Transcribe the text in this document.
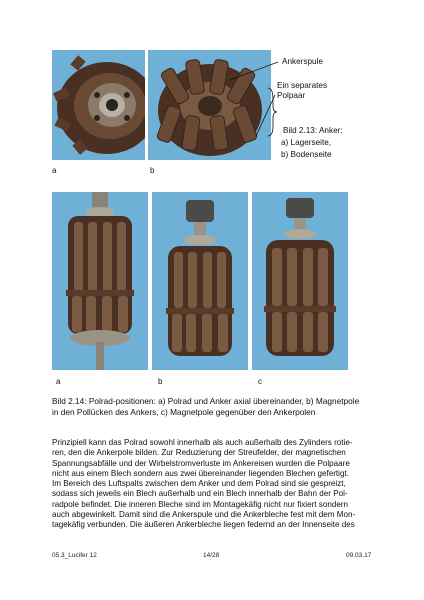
a	b
Ankerspule
Ein separates
Polpaar
Bild 2.13: Anker:
a) Lagerseite,
b) Bodenseite
a	b	c
Bild 2.14: Polrad-positionen: a) Polrad und Anker axial übereinander, b) Magnetpole
in den Pollücken des Ankers, c) Magnetpole gegenüber den Ankerpolen
Prinzipiell kann das Polrad sowohl innerhalb als auch außerhalb des Zylinders rotie-
ren, den die Ankerpole bilden. Zur Reduzierung der Streufelder, der magnetischen
Spannungsabfälle und der Wirbelstromverluste im Ankereisen wurden die Polpaare
nicht aus einem Blech sondern aus zwei übereinander liegenden Blechen gefertigt.
Im Bereich des Luftspalts zwischen dem Anker und dem Polrad sind sie gespreizt,
sodass sich jeweils ein Blech außerhalb und ein Blech innerhalb der Bahn der Pol-
radpole befindet. Die inneren Bleche sind im Montagekäfig nicht nur fixiert sondern
auch abgewinkelt. Damit sind die Ankerspule und die Ankerbleche fest mit dem Mon-
tagekäfig verbunden. Die äußeren Ankerbleche liegen federnd an der Innenseite des
05.3_Lucifer 12	14/28	09.03.17
